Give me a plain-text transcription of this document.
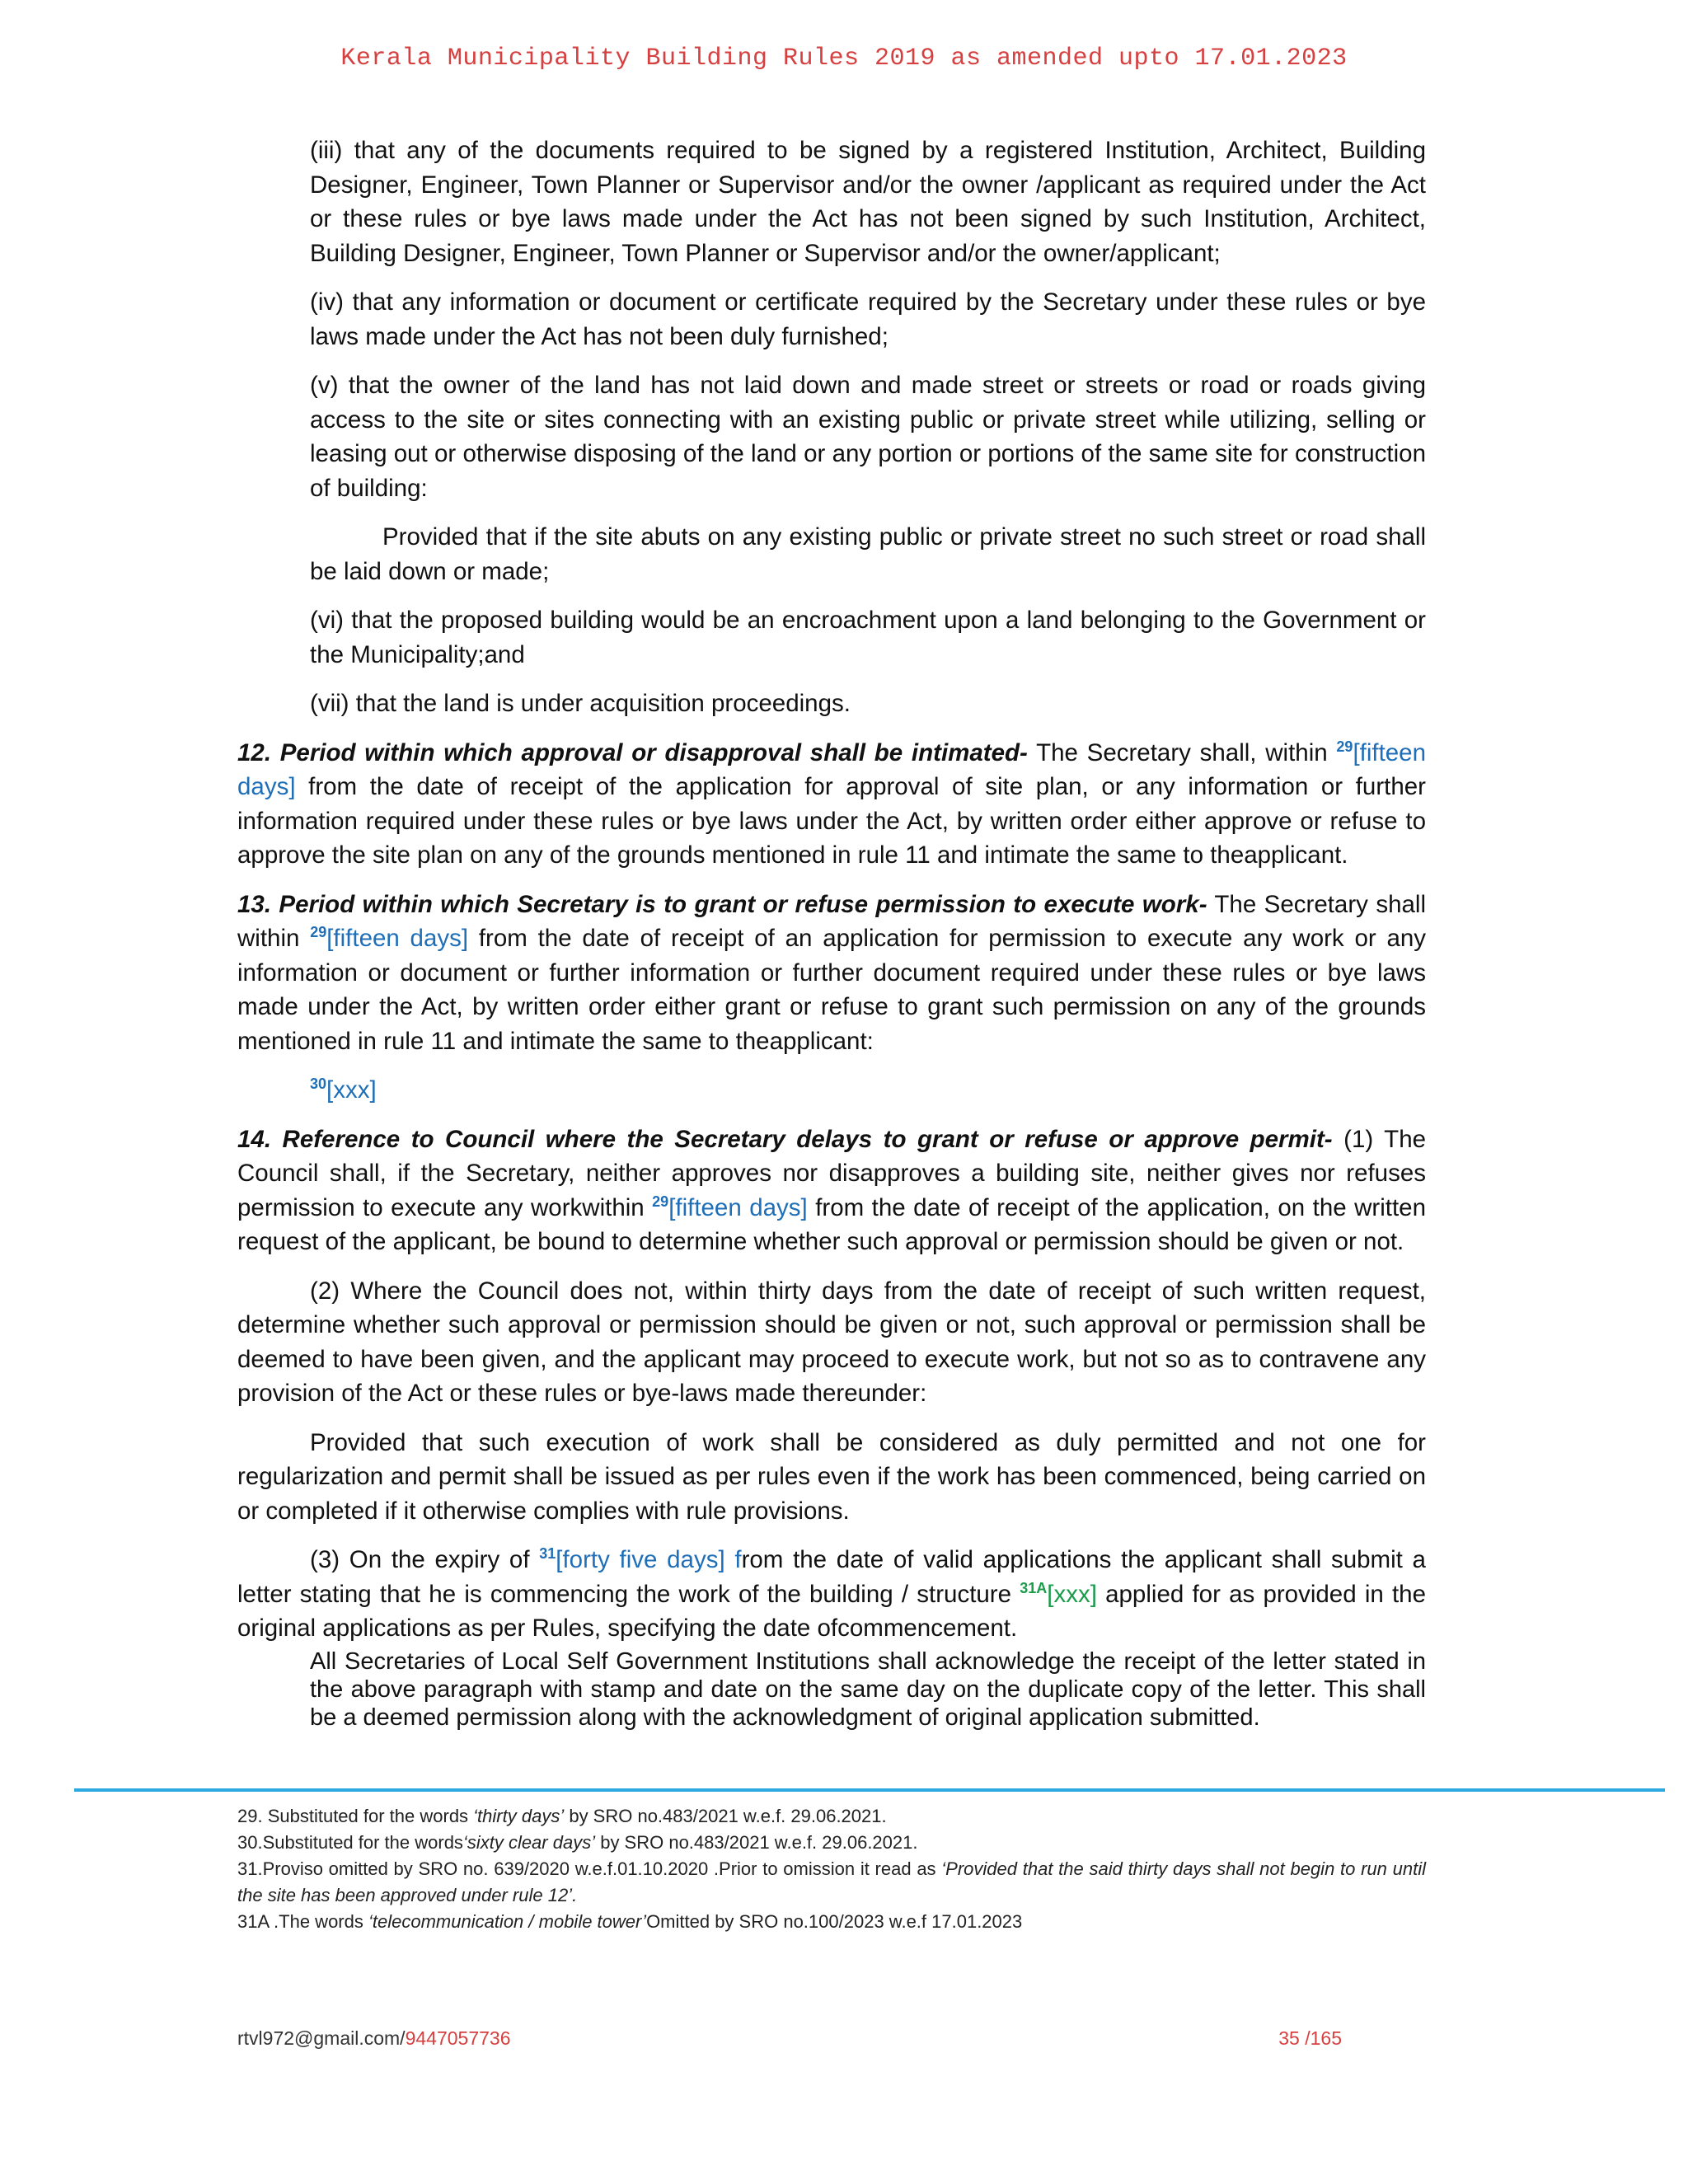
Kerala Municipality Building Rules 2019 as amended upto 17.01.2023

(iii) that any of the documents required to be signed by a registered Institution, Architect, Building Designer, Engineer, Town Planner or Supervisor and/or the owner /applicant as required under the Act or these rules or bye laws made under the Act has not been signed by such Institution, Architect, Building Designer, Engineer, Town Planner or Supervisor and/or the owner/applicant;

(iv) that any information or document or certificate required by the Secretary under these rules or bye laws made under the Act has not been duly furnished;

(v) that the owner of the land has not laid down and made street or streets or road or roads giving access to the site or sites connecting with an existing public or private street while utilizing, selling or leasing out or otherwise disposing of the land or any portion or portions of the same site for construction of building:

Provided that if the site abuts on any existing public or private street no such street or road shall be laid down or made;

(vi) that the proposed building would be an encroachment upon a land belonging to the Government or the Municipality;and

(vii) that the land is under acquisition proceedings.

12. Period within which approval or disapproval shall be intimated- The Secretary shall, within $^{29}$[fifteen days] from the date of receipt of the application for approval of site plan, or any information or further information required under these rules or bye laws under the Act, by written order either approve or refuse to approve the site plan on any of the grounds mentioned in rule 11 and intimate the same to theapplicant.

13. Period within which Secretary is to grant or refuse permission to execute work- The Secretary shall within $^{29}$[fifteen days] from the date of receipt of an application for permission to execute any work or any information or document or further information or further document required under these rules or bye laws made under the Act, by written order either grant or refuse to grant such permission on any of the grounds mentioned in rule 11 and intimate the same to theapplicant:

$^{30}$[xxx]

14. Reference to Council where the Secretary delays to grant or refuse or approve permit- (1) The Council shall, if the Secretary, neither approves nor disapproves a building site, neither gives nor refuses permission to execute any workwithin $^{29}$[fifteen days] from the date of receipt of the application, on the written request of the applicant, be bound to determine whether such approval or permission should be given or not.

(2) Where the Council does not, within thirty days from the date of receipt of such written request, determine whether such approval or permission should be given or not, such approval or permission shall be deemed to have been given, and the applicant may proceed to execute work, but not so as to contravene any provision of the Act or these rules or bye-laws made thereunder:

Provided that such execution of work shall be considered as duly permitted and not one for regularization and permit shall be issued as per rules even if the work has been commenced, being carried on or completed if it otherwise complies with rule provisions.

(3) On the expiry of $^{31}$[forty five days] from the date of valid applications the applicant shall submit a letter stating that he is commencing the work of the building / structure $^{31A}$[xxx] applied for as provided in the original applications as per Rules, specifying the date ofcommencement.

All Secretaries of Local Self Government Institutions shall acknowledge the receipt of the letter stated in the above paragraph with stamp and date on the same day on the duplicate copy of the letter. This shall be a deemed permission along with the acknowledgment of original application submitted.

29. Substituted for the words ‘thirty days’ by SRO no.483/2021 w.e.f. 29.06.2021.

30.Substituted for the words‘sixty clear days’ by SRO no.483/2021 w.e.f. 29.06.2021.

31.Proviso omitted by SRO no. 639/2020 w.e.f.01.10.2020 .Prior to omission it read as ‘Provided that the said thirty days shall not begin to run until the site has been approved under rule 12’.

31A .The words ‘telecommunication / mobile tower’Omitted by SRO no.100/2023 w.e.f 17.01.2023

rtvl972@gmail.com/9447057736	35 /165
